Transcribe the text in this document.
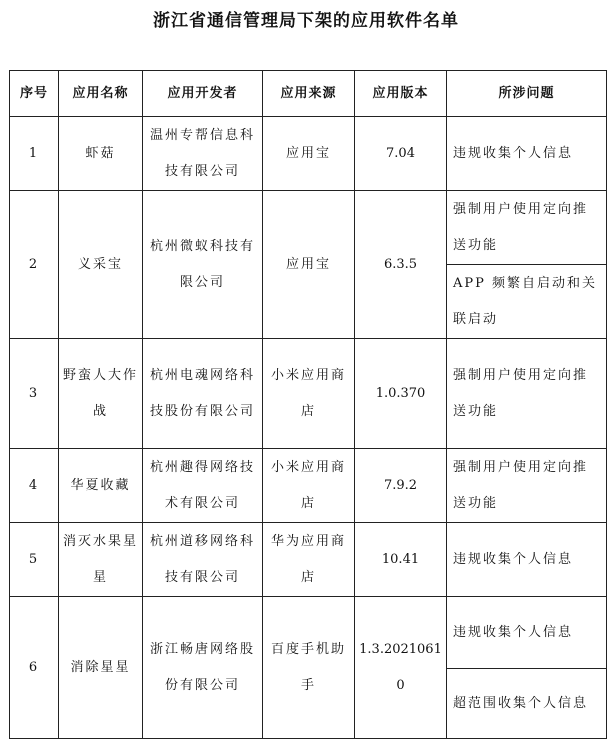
浙江省通信管理局下架的应用软件名单
序号	应用名称	应用开发者	应用来源	应用版本	所涉问题
1	虾菇	温州专帮信息科技有限公司	应用宝	7.04	违规收集个人信息
2	义采宝	杭州微蚁科技有限公司	应用宝	6.3.5	强制用户使用定向推送功能
					APP 频繁自启动和关联启动
3	野蛮人大作战	杭州电魂网络科技股份有限公司	小米应用商店	1.0.370	强制用户使用定向推送功能
4	华夏收藏	杭州趣得网络技术有限公司	小米应用商店	7.9.2	强制用户使用定向推送功能
5	消灭水果星星	杭州道移网络科技有限公司	华为应用商店	10.41	违规收集个人信息
6	消除星星	浙江畅唐网络股份有限公司	百度手机助手	1.3.20210610	违规收集个人信息
					超范围收集个人信息
